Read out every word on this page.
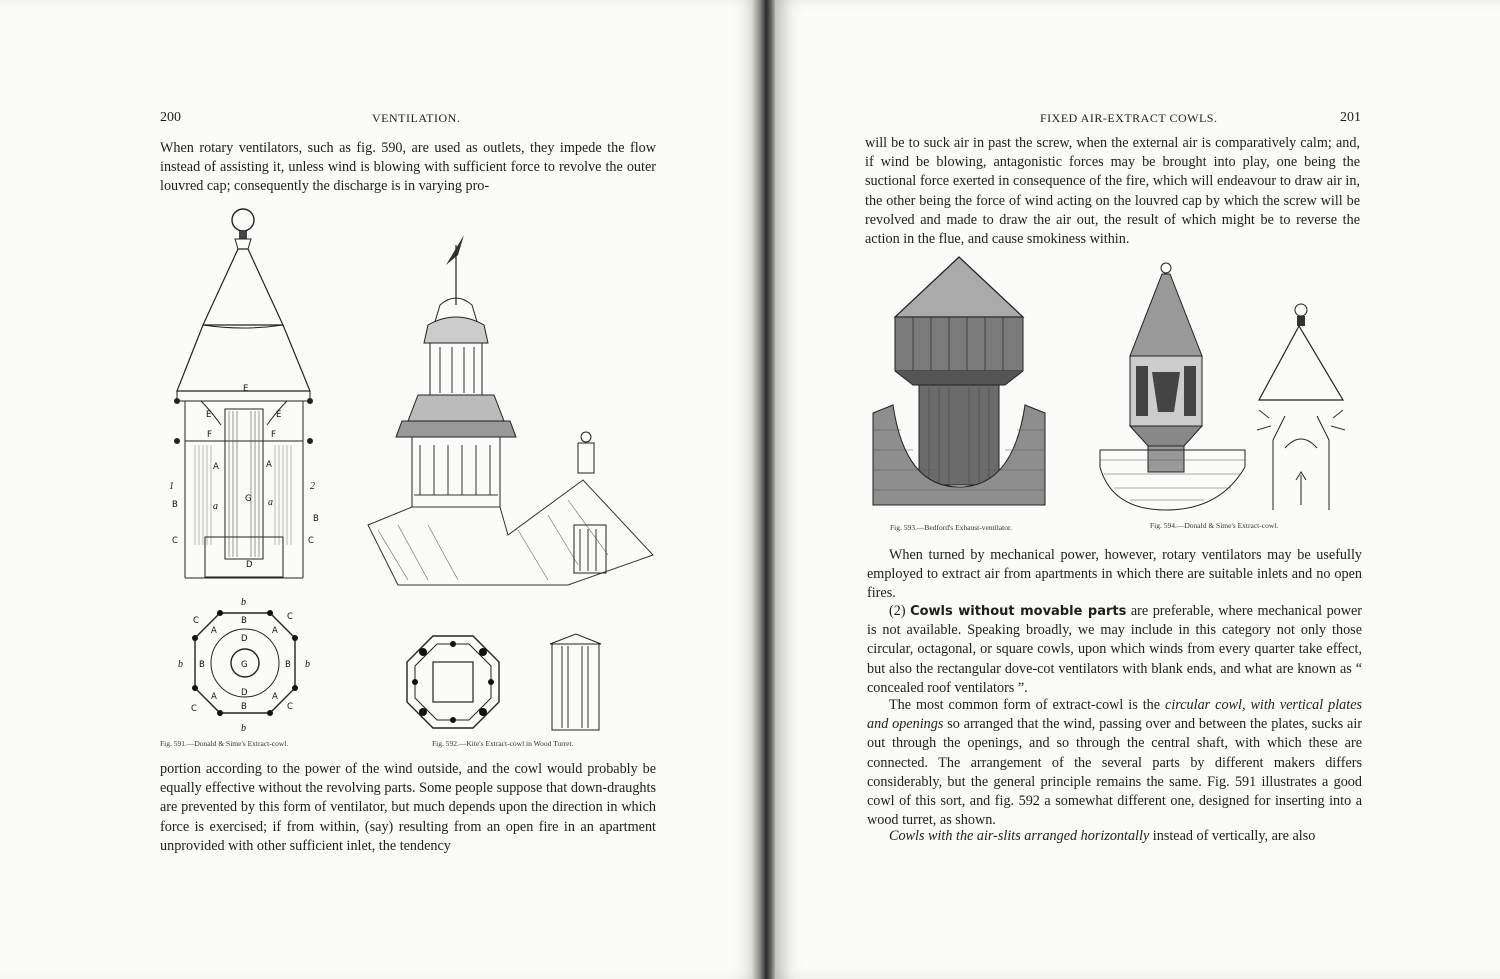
200	VENTILATION.

When rotary ventilators, such as fig. 590, are used as outlets, they impede the flow instead of assisting it, unless wind is blowing with sufficient force to revolve the outer louvred cap; consequently the discharge is in varying pro-

E
E	E
F	F
A	A
G
a	a
D
1	2
B
B
C	C
G
D
D
B
B
B	B
A	A
A	A
b
b
b	b
C	C
C	C
Fig. 591.—Donald & Sime's Extract-cowl.	Fig. 592.—Kite's Extract-cowl in Wood Turret.

portion according to the power of the wind outside, and the cowl would probably be equally effective without the revolving parts. Some people suppose that down-draughts are prevented by this form of ventilator, but much depends upon the direction in which force is exercised; if from within, (say) resulting from an open fire in an apartment unprovided with other sufficient inlet, the tendency

FIXED AIR-EXTRACT COWLS.	201

will be to suck air in past the screw, when the external air is comparatively calm; and, if wind be blowing, antagonistic forces may be brought into play, one being the suctional force exerted in consequence of the fire, which will endeavour to draw air in, the other being the force of wind acting on the louvred cap by which the screw will be revolved and made to draw the air out, the result of which might be to reverse the action in the flue, and cause smokiness within.

Fig. 593.—Bedford's Exhaust-ventilator.	Fig. 594.—Donald & Sime's Extract-cowl.

When turned by mechanical power, however, rotary ventilators may be usefully employed to extract air from apartments in which there are suitable inlets and no open fires.

(2) Cowls without movable parts are preferable, where mechanical power is not available. Speaking broadly, we may include in this category not only those circular, octagonal, or square cowls, upon which winds from every quarter take effect, but also the rectangular dove-cot ventilators with blank ends, and what are known as “ concealed roof ventilators ”.

The most common form of extract-cowl is the circular cowl, with vertical plates and openings so arranged that the wind, passing over and between the plates, sucks air out through the openings, and so through the central shaft, with which these are connected. The arrangement of the several parts by different makers differs considerably, but the general principle remains the same. Fig. 591 illustrates a good cowl of this sort, and fig. 592 a somewhat different one, designed for inserting into a wood turret, as shown.

Cowls with the air-slits arranged horizontally instead of vertically, are also
